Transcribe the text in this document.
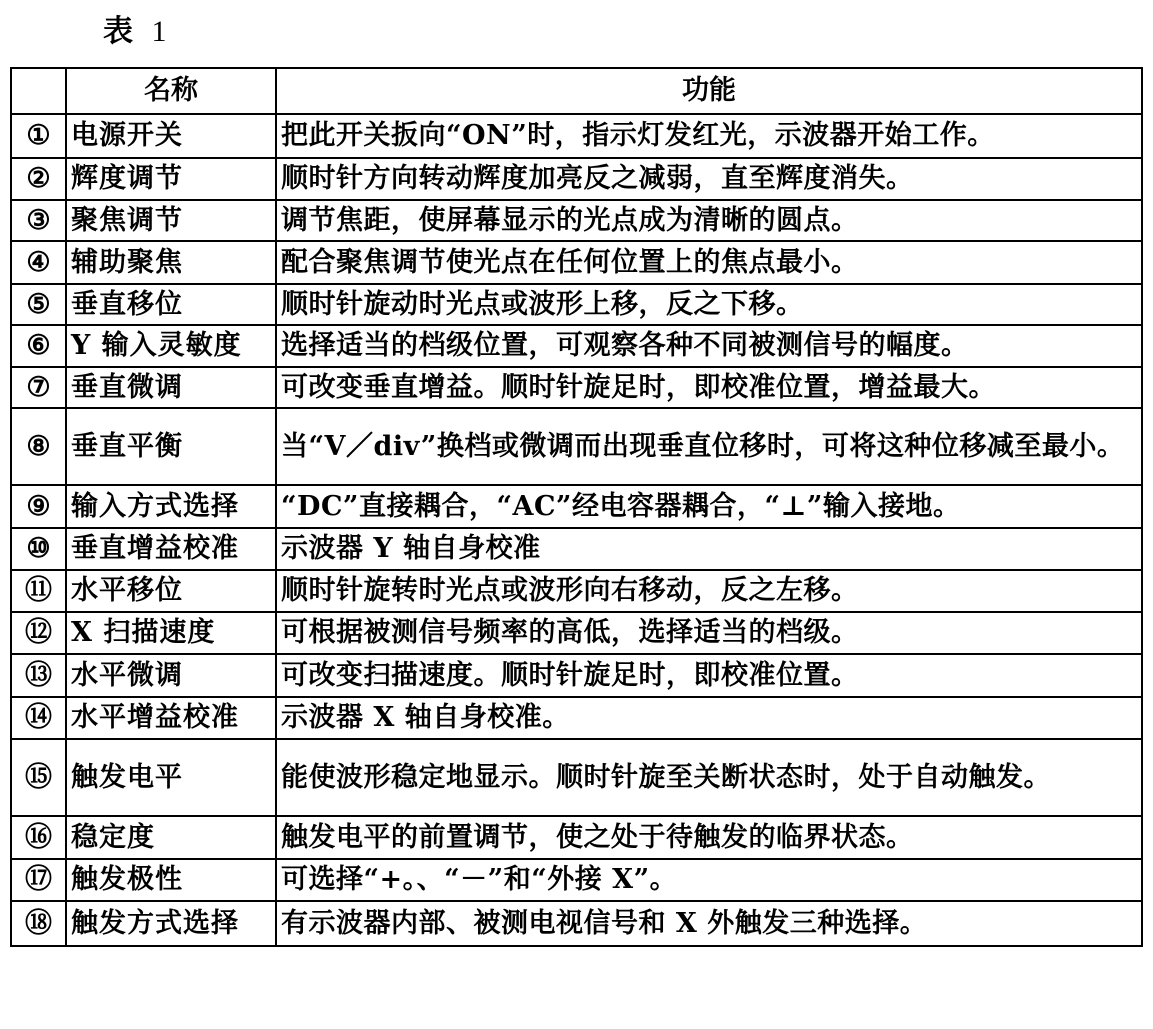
表 1
	名称	功能
①	电源开关	把此开关扳向“ON”时，指示灯发红光，示波器开始工作。
②	辉度调节	顺时针方向转动辉度加亮反之减弱，直至辉度消失。
③	聚焦调节	调节焦距，使屏幕显示的光点成为清晰的圆点。
④	辅助聚焦	配合聚焦调节使光点在任何位置上的焦点最小。
⑤	垂直移位	顺时针旋动时光点或波形上移，反之下移。
⑥	Y 输入灵敏度	选择适当的档级位置，可观察各种不同被测信号的幅度。
⑦	垂直微调	可改变垂直增益。顺时针旋足时，即校准位置，增益最大。
⑧	垂直平衡	当“V／div”换档或微调而出现垂直位移时，可将这种位移减至最小。
⑨	输入方式选择	“DC”直接耦合，“AC”经电容器耦合，“⊥”输入接地。
⑩	垂直增益校准	示波器 Y 轴自身校准
⑪	水平移位	顺时针旋转时光点或波形向右移动，反之左移。
⑫	X 扫描速度	可根据被测信号频率的高低，选择适当的档级。
⑬	水平微调	可改变扫描速度。顺时针旋足时，即校准位置。
⑭	水平增益校准	示波器 X 轴自身校准。
⑮	触发电平	能使波形稳定地显示。顺时针旋至关断状态时，处于自动触发。
⑯	稳定度	触发电平的前置调节，使之处于待触发的临界状态。
⑰	触发极性	可选择“+。、“－”和“外接 X”。
⑱	触发方式选择	有示波器内部、被测电视信号和 X 外触发三种选择。
